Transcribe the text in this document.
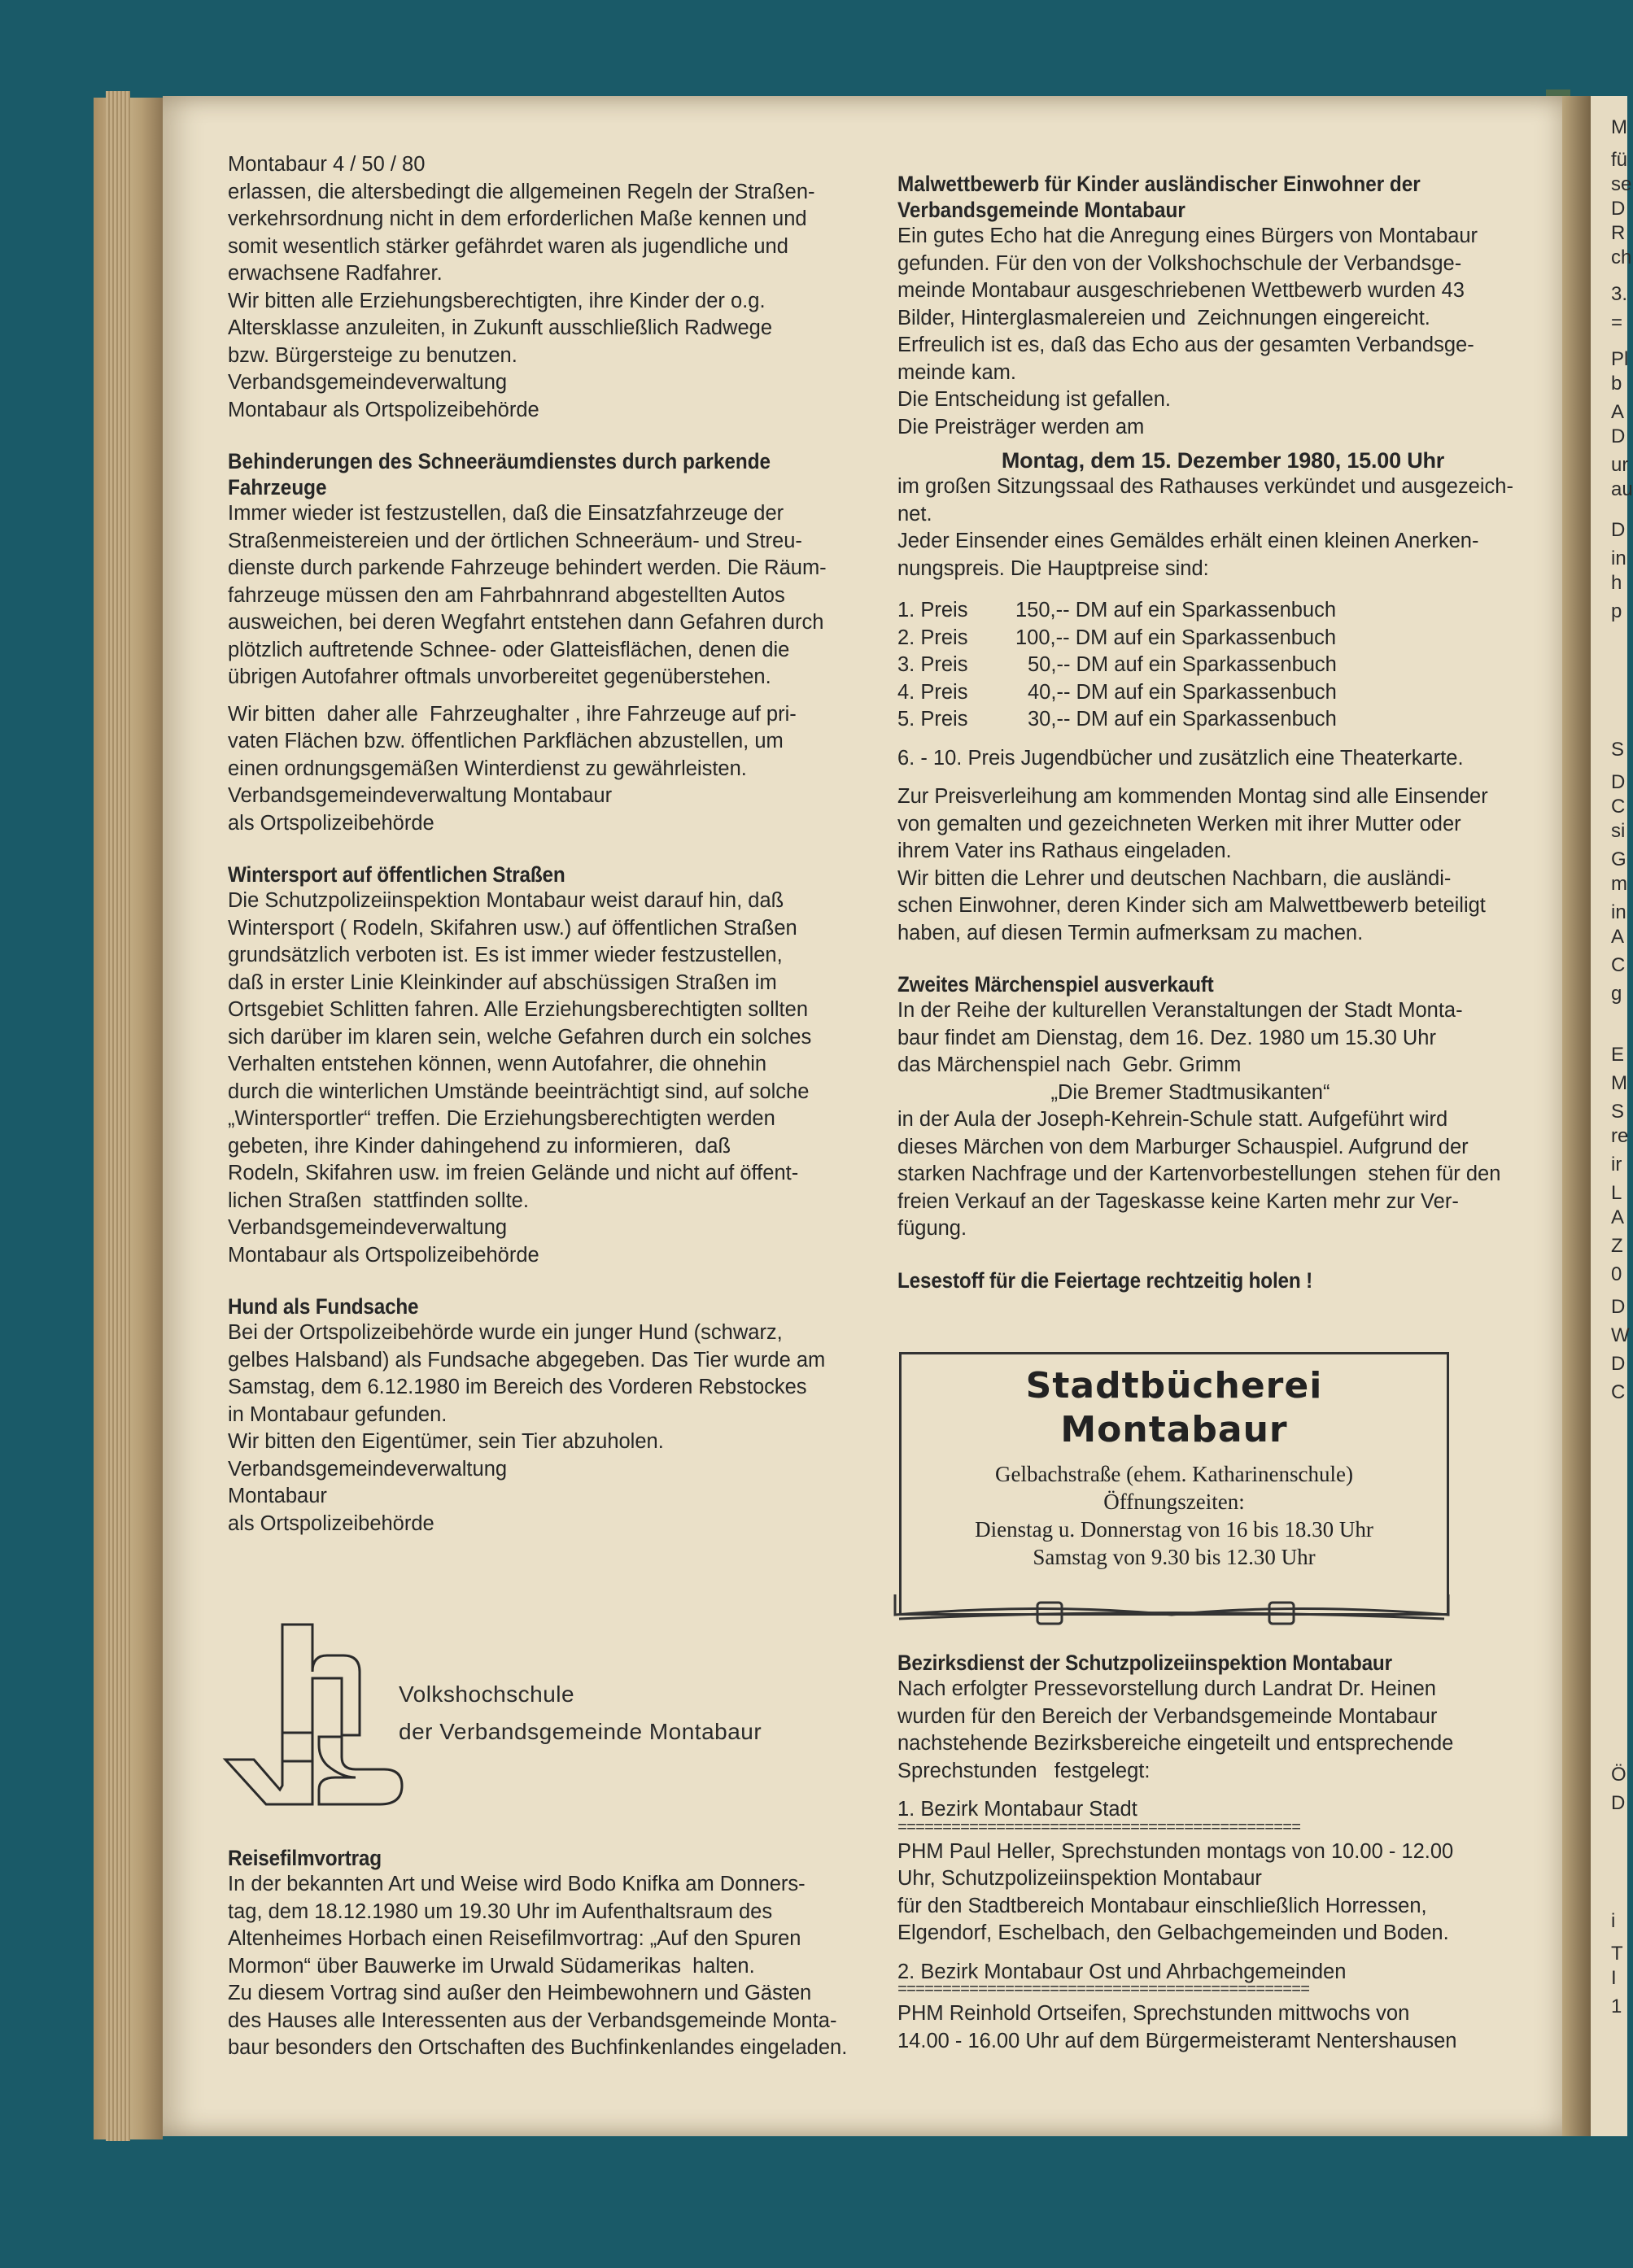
M
fü
se
D
R
ch
3.
=
Pl
b
A
D
ur
au
D
in
h
p
S
D
C
si
G
m
in
A
C
g
E
M
S
re
ir
L
A
Z
0
D
W
D
C
Ö
D
i
T
I
1

Montabaur 4 / 50 / 80

erlassen, die altersbedingt die allgemeinen Regeln der Straßen-
verkehrsordnung nicht in dem erforderlichen Maße kennen und
somit wesentlich stärker gefährdet waren als jugendliche und
erwachsene Radfahrer.
Wir bitten alle Erziehungsberechtigten, ihre Kinder der o.g.
Altersklasse anzuleiten, in Zukunft ausschließlich Radwege
bzw. Bürgersteige zu benutzen.
Verbandsgemeindeverwaltung
Montabaur als Ortspolizeibehörde

Behinderungen des Schneeräumdienstes durch parkende Fahrzeuge

Immer wieder ist festzustellen, daß die Einsatzfahrzeuge der
Straßenmeistereien und der örtlichen Schneeräum- und Streu-
dienste durch parkende Fahrzeuge behindert werden. Die Räum-
fahrzeuge müssen den am Fahrbahnrand abgestellten Autos
ausweichen, bei deren Wegfahrt entstehen dann Gefahren durch
plötzlich auftretende Schnee- oder Glatteisflächen, denen die
übrigen Autofahrer oftmals unvorbereitet gegenüberstehen.
Wir bitten  daher alle  Fahrzeughalter , ihre Fahrzeuge auf pri-
vaten Flächen bzw. öffentlichen Parkflächen abzustellen, um
einen ordnungsgemäßen Winterdienst zu gewährleisten.
Verbandsgemeindeverwaltung Montabaur
als Ortspolizeibehörde

Wintersport auf öffentlichen Straßen

Die Schutzpolizeiinspektion Montabaur weist darauf hin, daß
Wintersport ( Rodeln, Skifahren usw.) auf öffentlichen Straßen
grundsätzlich verboten ist. Es ist immer wieder festzustellen,
daß in erster Linie Kleinkinder auf abschüssigen Straßen im
Ortsgebiet Schlitten fahren. Alle Erziehungsberechtigten sollten
sich darüber im klaren sein, welche Gefahren durch ein solches
Verhalten entstehen können, wenn Autofahrer, die ohnehin
durch die winterlichen Umstände beeinträchtigt sind, auf solche
„Wintersportler“ treffen. Die Erziehungsberechtigten werden
gebeten, ihre Kinder dahingehend zu informieren,  daß
Rodeln, Skifahren usw. im freien Gelände und nicht auf öffent-
lichen Straßen  stattfinden sollte.
Verbandsgemeindeverwaltung
Montabaur als Ortspolizeibehörde

Hund als Fundsache

Bei der Ortspolizeibehörde wurde ein junger Hund (schwarz,
gelbes Halsband) als Fundsache abgegeben. Das Tier wurde am
Samstag, dem 6.12.1980 im Bereich des Vorderen Rebstockes
in Montabaur gefunden.
Wir bitten den Eigentümer, sein Tier abzuholen.
Verbandsgemeindeverwaltung
Montabaur
als Ortspolizeibehörde
Volkshochschule
der Verbandsgemeinde Montabaur

Reisefilmvortrag

In der bekannten Art und Weise wird Bodo Knifka am Donners-
tag, dem 18.12.1980 um 19.30 Uhr im Aufenthaltsraum des
Altenheimes Horbach einen Reisefilmvortrag: „Auf den Spuren
Mormon“ über Bauwerke im Urwald Südamerikas  halten.
Zu diesem Vortrag sind außer den Heimbewohnern und Gästen
des Hauses alle Interessenten aus der Verbandsgemeinde Monta-
baur besonders den Ortschaften des Buchfinkenlandes eingeladen.

Malwettbewerb für Kinder ausländischer Einwohner der Verbandsgemeinde Montabaur

Ein gutes Echo hat die Anregung eines Bürgers von Montabaur
gefunden. Für den von der Volkshochschule der Verbandsge-
meinde Montabaur ausgeschriebenen Wettbewerb wurden 43
Bilder, Hinterglasmalereien und  Zeichnungen eingereicht.
Erfreulich ist es, daß das Echo aus der gesamten Verbandsge-
meinde kam.
Die Entscheidung ist gefallen.
Die Preisträger werden am

Montag, dem 15. Dezember 1980, 15.00 Uhr

im großen Sitzungssaal des Rathauses verkündet und ausgezeich-
net.
Jeder Einsender eines Gemäldes erhält einen kleinen Anerken-
nungspreis. Die Hauptpreise sind:
1. Preis	150,-- DM auf ein Sparkassenbuch
2. Preis	100,-- DM auf ein Sparkassenbuch
3. Preis	50,-- DM auf ein Sparkassenbuch
4. Preis	40,-- DM auf ein Sparkassenbuch
5. Preis	30,-- DM auf ein Sparkassenbuch

6. - 10. Preis Jugendbücher und zusätzlich eine Theaterkarte.

Zur Preisverleihung am kommenden Montag sind alle Einsender
von gemalten und gezeichneten Werken mit ihrer Mutter oder
ihrem Vater ins Rathaus eingeladen.
Wir bitten die Lehrer und deutschen Nachbarn, die ausländi-
schen Einwohner, deren Kinder sich am Malwettbewerb beteiligt
haben, auf diesen Termin aufmerksam zu machen.

Zweites Märchenspiel ausverkauft

In der Reihe der kulturellen Veranstaltungen der Stadt Monta-
baur findet am Dienstag, dem 16. Dez. 1980 um 15.30 Uhr
das Märchenspiel nach  Gebr. Grimm

„Die Bremer Stadtmusikanten“

in der Aula der Joseph-Kehrein-Schule statt. Aufgeführt wird
dieses Märchen von dem Marburger Schauspiel. Aufgrund der
starken Nachfrage und der Kartenvorbestellungen  stehen für den
freien Verkauf an der Tageskasse keine Karten mehr zur Ver-
fügung.

Lesestoff für die Feiertage rechtzeitig holen !

Stadtbücherei
Montabaur
Gelbachstraße (ehem. Katharinenschule)
Öffnungszeiten:
Dienstag u. Donnerstag von 16 bis 18.30 Uhr
Samstag von 9.30 bis 12.30 Uhr

Bezirksdienst der Schutzpolizeiinspektion Montabaur

Nach erfolgter Pressevorstellung durch Landrat Dr. Heinen
wurden für den Bereich der Verbandsgemeinde Montabaur
nachstehende Bezirksbereiche eingeteilt und entsprechende
Sprechstunden   festgelegt:

1. Bezirk Montabaur Stadt

=============================================
PHM Paul Heller, Sprechstunden montags von 10.00 - 12.00
Uhr, Schutzpolizeiinspektion Montabaur
für den Stadtbereich Montabaur einschließlich Horressen,
Elgendorf, Eschelbach, den Gelbachgemeinden und Boden.

2. Bezirk Montabaur Ost und Ahrbachgemeinden

==============================================
PHM Reinhold Ortseifen, Sprechstunden mittwochs von
14.00 - 16.00 Uhr auf dem Bürgermeisteramt Nentershausen
